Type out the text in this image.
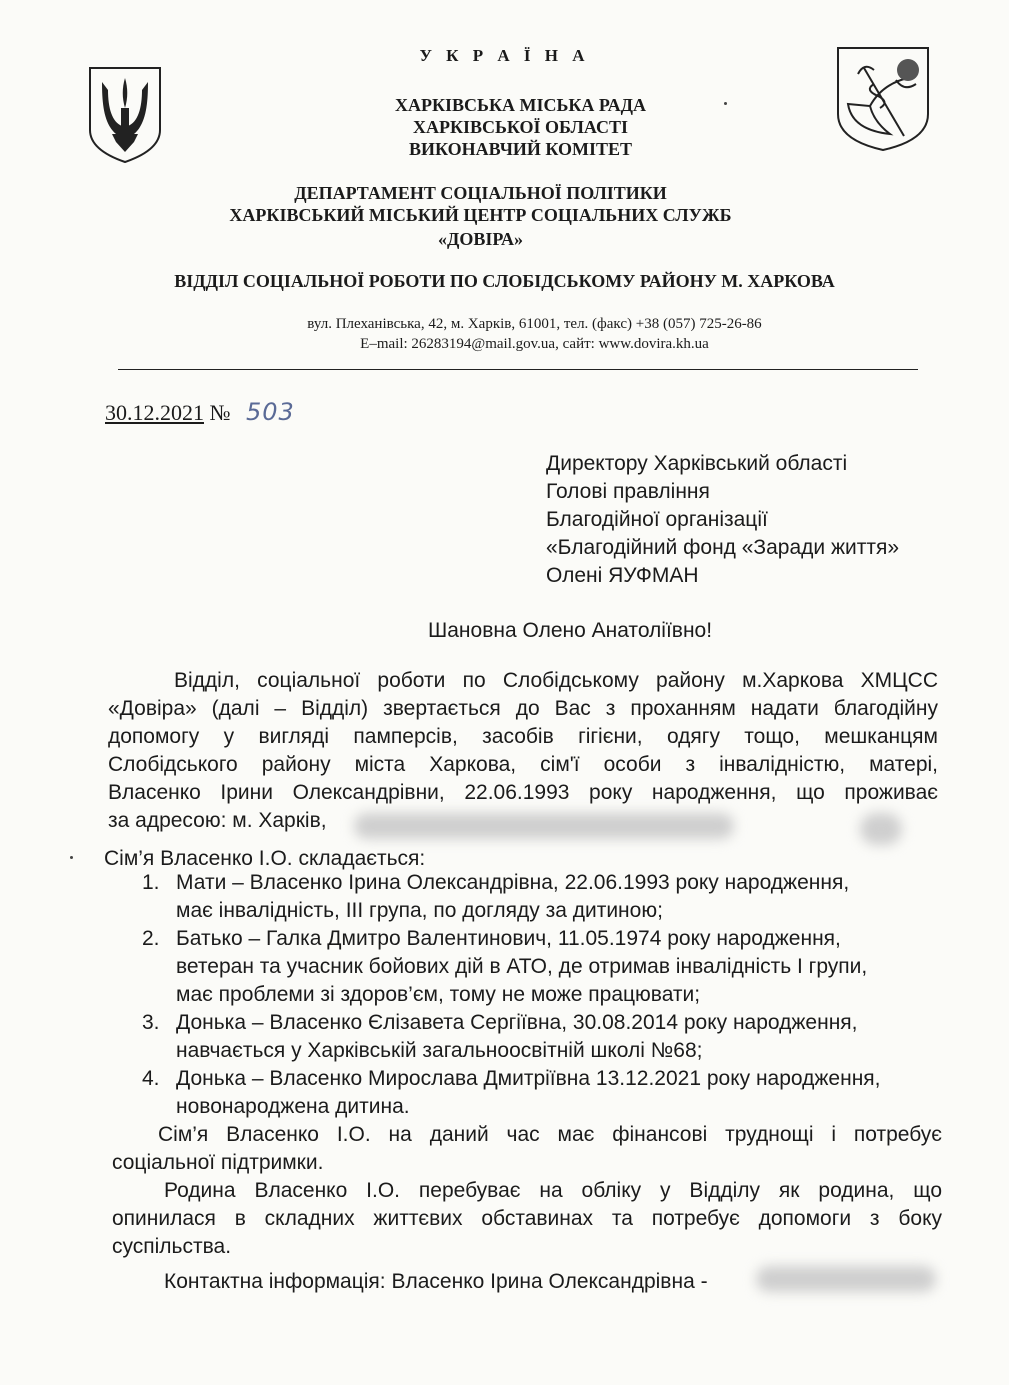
У К Р А Ї Н А
ХАРКІВСЬКА МІСЬКА РАДА
ХАРКІВСЬКОЇ ОБЛАСТІ
ВИКОНАВЧИЙ КОМІТЕТ
ДЕПАРТАМЕНТ СОЦІАЛЬНОЇ ПОЛІТИКИ
ХАРКІВСЬКИЙ МІСЬКИЙ ЦЕНТР СОЦІАЛЬНИХ СЛУЖБ
«ДОВІРА»
ВІДДІЛ СОЦІАЛЬНОЇ РОБОТИ ПО СЛОБІДСЬКОМУ РАЙОНУ М. ХАРКОВА
вул. Плеханівська, 42, м. Харків, 61001, тел. (факс) +38 (057) 725-26-86
E–mail: 26283194@mail.gov.ua, сайт: www.dovira.kh.ua
30.12.2021 № 503
Директору Харківський області
Голові правління
Благодійної організації
«Благодійний фонд «Заради життя»
Олені ЯУФМАН
Шановна Олено Анатоліївно!
Відділ, соціальної роботи по Слобідському району м.Харкова ХМЦСС
«Довіра» (далі – Відділ) звертається до Вас з проханням надати благодійну
допомогу у вигляді памперсів, засобів гігієни, одягу тощо, мешканцям
Слобідського району міста Харкова, сім'ї особи з інвалідністю, матері,
Власенко Ірини Олександрівни, 22.06.1993 року народження, що проживає
за адресою: м. Харків,
Сім’я Власенко І.О. складається:
1. Мати – Власенко Ірина Олександрівна, 22.06.1993 року народження,
має інвалідність, ІІІ група, по догляду за дитиною;
2. Батько – Галка Дмитро Валентинович, 11.05.1974 року народження,
ветеран та учасник бойових дій в АТО, де отримав інвалідність І групи,
має проблеми зі здоров’єм, тому не може працювати;
3. Донька – Власенко Єлізавета Сергіївна, 30.08.2014 року народження,
навчається у Харківській загальноосвітній школі №68;
4. Донька – Власенко Мирослава Дмитріївна 13.12.2021 року народження,
новонароджена дитина.
Сім’я Власенко І.О. на даний час має фінансові труднощі і потребує
соціальної підтримки.
Родина Власенко І.О. перебуває на обліку у Відділу як родина, що
опинилася в складних життєвих обставинах та потребує допомоги з боку
суспільства.
Контактна інформація: Власенко Ірина Олександрівна -
